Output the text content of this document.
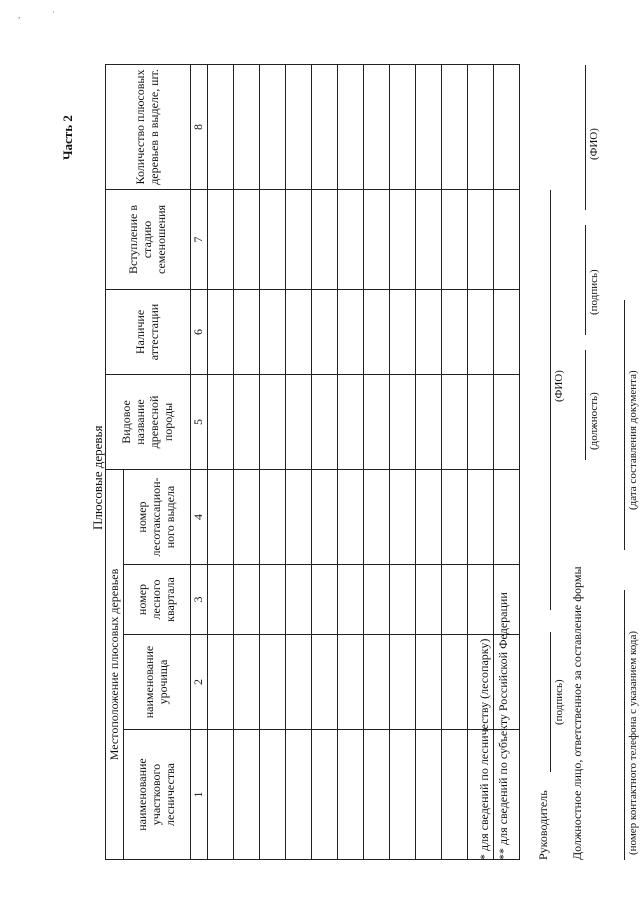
,	˙
Часть 2
Плюсовые деревья
Местоположение плюсовых деревьев				Видовое название древесной породы	Наличие аттестации	Вступление в стадию семеношения	Количество плюсовых деревьев в выделе, шт.
наименование участкового лесничества	наименование урочища	номер лесного квартала	номер лесотаксацион-ного выдела				
1	2	3	4	5	6	7	8

* для сведений по лесничеству (лесопарку) ** для сведений по субъекту Российской Федерации Руководитель
(подпись)
(ФИО)
Должностное лицо, ответственное за составление формы
(должность)
(подпись)
(ФИО)
(номер контактного телефона с указанием кода)
(дата составления документа)
